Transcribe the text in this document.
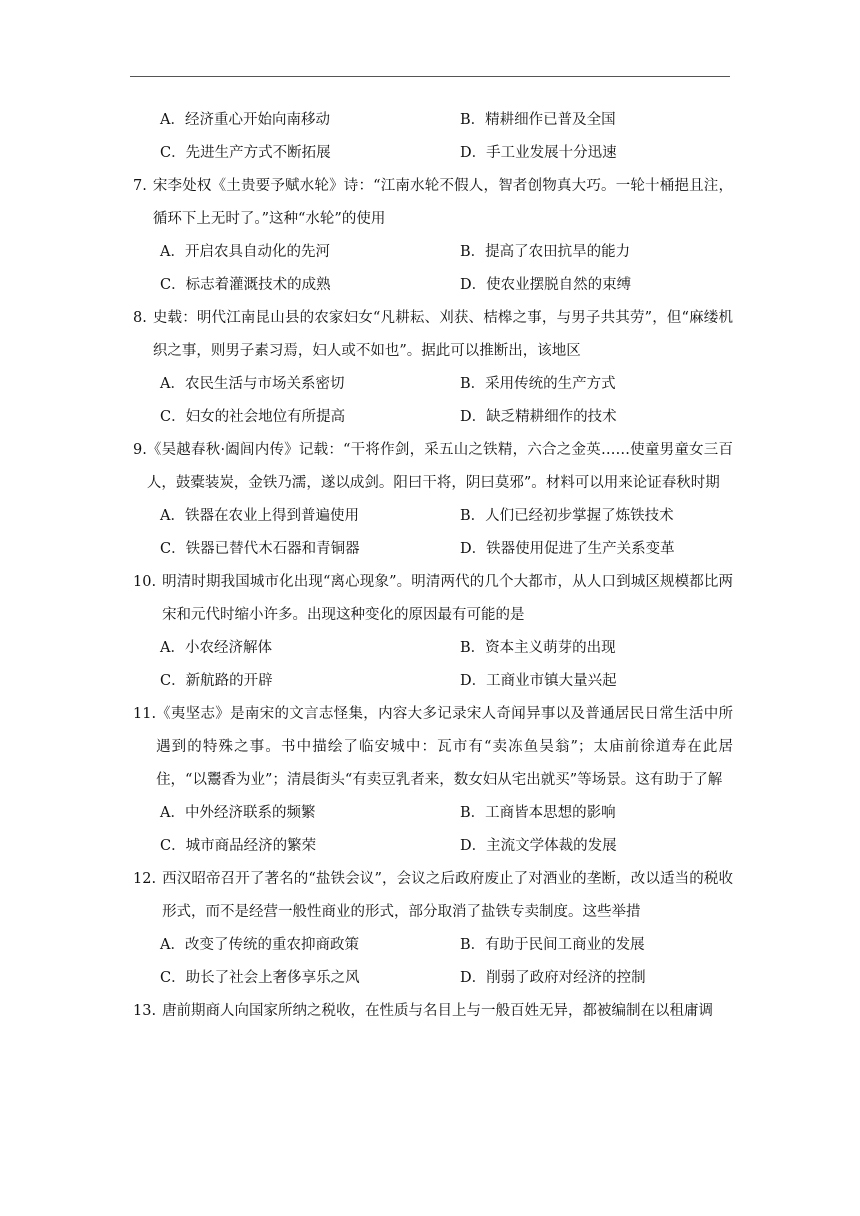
A．经济重心开始向南移动	B．精耕细作已普及全国
C．先进生产方式不断拓展	D．手工业发展十分迅速
7. 宋李处权《土贵要予赋水轮》诗：“江南水轮不假人，智者创物真大巧。一轮十桶挹且注，循环下上无时了。”这种“水轮”的使用
A．开启农具自动化的先河	B．提高了农田抗旱的能力
C．标志着灌溉技术的成熟	D．使农业摆脱自然的束缚
8. 史载：明代江南昆山县的农家妇女“凡耕耘、刈获、桔槔之事，与男子共其劳”，但“麻缕机织之事，则男子素习焉，妇人或不如也”。据此可以推断出，该地区
A．农民生活与市场关系密切	B．采用传统的生产方式
C．妇女的社会地位有所提高	D．缺乏精耕细作的技术
9. 《吴越春秋·阖闾内传》记载：“干将作剑，采五山之铁精，六合之金英……使童男童女三百人，鼓橐装炭，金铁乃濡，遂以成剑。阳曰干将，阴曰莫邪”。材料可以用来论证春秋时期
A．铁器在农业上得到普遍使用	B．人们已经初步掌握了炼铁技术
C．铁器已替代木石器和青铜器	D．铁器使用促进了生产关系变革
10. 明清时期我国城市化出现“离心现象”。明清两代的几个大都市，从人口到城区规模都比两宋和元代时缩小许多。出现这种变化的原因最有可能的是
A．小农经济解体	B．资本主义萌芽的出现
C．新航路的开辟	D．工商业市镇大量兴起
11. 《夷坚志》是南宋的文言志怪集，内容大多记录宋人奇闻异事以及普通居民日常生活中所遇到的特殊之事。书中描绘了临安城中：瓦市有“卖冻鱼吴翁”；太庙前徐道寿在此居住，“以鬻香为业”；清晨街头“有卖豆乳者来，数女妇从宅出就买”等场景。这有助于了解
A．中外经济联系的频繁	B．工商皆本思想的影响
C．城市商品经济的繁荣	D．主流文学体裁的发展
12. 西汉昭帝召开了著名的“盐铁会议”，会议之后政府废止了对酒业的垄断，改以适当的税收形式，而不是经营一般性商业的形式，部分取消了盐铁专卖制度。这些举措
A．改变了传统的重农抑商政策	B．有助于民间工商业的发展
C．助长了社会上奢侈享乐之风	D．削弱了政府对经济的控制
13. 唐前期商人向国家所纳之税收，在性质与名目上与一般百姓无异，都被编制在以租庸调
